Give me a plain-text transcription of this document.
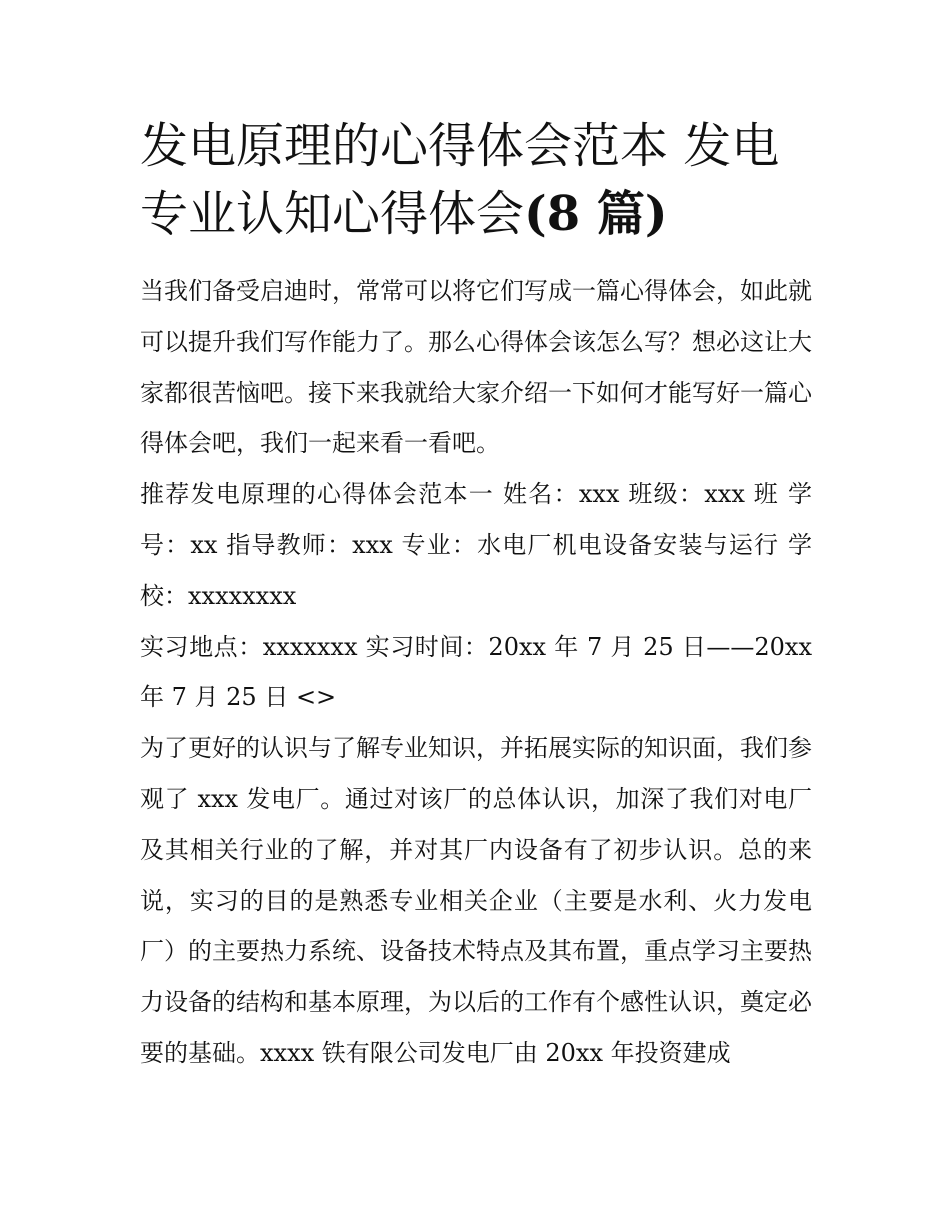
发电原理的心得体会范本 发电专业认知心得体会(8 篇)

当我们备受启迪时，常常可以将它们写成一篇心得体会，如此就可以提升我们写作能力了。那么心得体会该怎么写？想必这让大家都很苦恼吧。接下来我就给大家介绍一下如何才能写好一篇心得体会吧，我们一起来看一看吧。

推荐发电原理的心得体会范本一 姓名：xxx 班级：xxx 班 学号：xx 指导教师：xxx 专业：水电厂机电设备安装与运行 学校：xxxxxxxx

实习地点：xxxxxxx 实习时间：20xx 年 7 月 25 日——20xx 年 7 月 25 日 <>

为了更好的认识与了解专业知识，并拓展实际的知识面，我们参观了 xxx 发电厂。通过对该厂的总体认识，加深了我们对电厂及其相关行业的了解，并对其厂内设备有了初步认识。总的来说，实习的目的是熟悉专业相关企业（主要是水利、火力发电厂）的主要热力系统、设备技术特点及其布置，重点学习主要热力设备的结构和基本原理，为以后的工作有个感性认识，奠定必要的基础。xxxx 铁有限公司发电厂由 20xx 年投资建成
